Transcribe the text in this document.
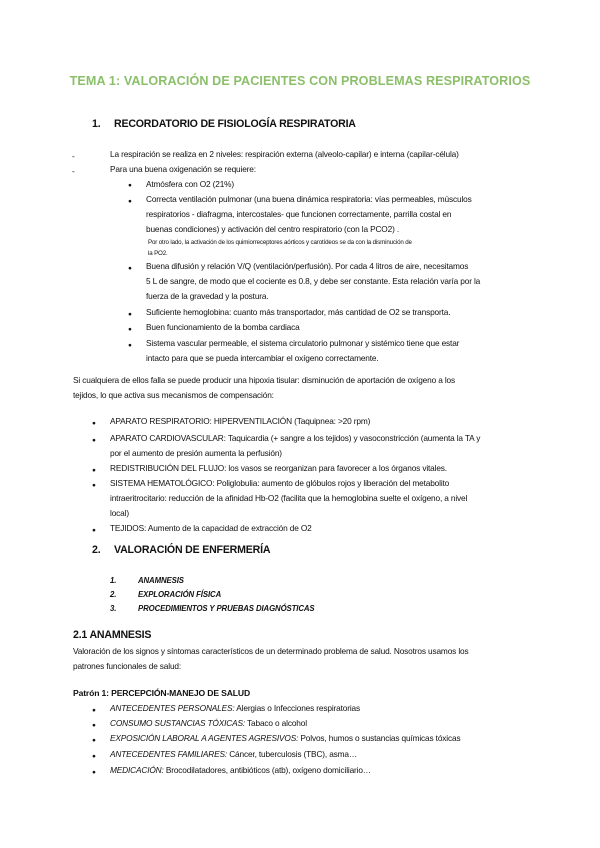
TEMA 1: VALORACIÓN DE PACIENTES CON PROBLEMAS RESPIRATORIOS
1. RECORDATORIO DE FISIOLOGÍA RESPIRATORIA
-	La respiración se realiza en 2 niveles: respiración externa (alveolo-capilar) e interna (capilar-célula)
-	Para una buena oxigenación se requiere:
● Atmósfera con O2 (21%)
● Correcta ventilación pulmonar (una buena dinámica respiratoria: vías permeables, músculos
respiratorios - diafragma, intercostales- que funcionen correctamente, parrilla costal en
buenas condiciones) y activación del centro respiratorio (con la PCO2) .
Por otro lado, la activación de los quimiorreceptores aórticos y carotídeos se da con la disminución de
la PO2.
● Buena difusión y relación V/Q (ventilación/perfusión). Por cada 4 litros de aire, necesitamos
5 L de sangre, de modo que el cociente es 0.8, y debe ser constante. Esta relación varía por la
fuerza de la gravedad y la postura.
● Suficiente hemoglobina: cuanto más transportador, más cantidad de O2 se transporta.
● Buen funcionamiento de la bomba cardiaca
● Sistema vascular permeable, el sistema circulatorio pulmonar y sistémico tiene que estar
intacto para que se pueda intercambiar el oxígeno correctamente.
Si cualquiera de ellos falla se puede producir una hipoxia tisular: disminución de aportación de oxígeno a los
tejidos, lo que activa sus mecanismos de compensación:
● APARATO RESPIRATORIO: HIPERVENTILACIÓN (Taquipnea: >20 rpm)
● APARATO CARDIOVASCULAR: Taquicardia (+ sangre a los tejidos) y vasoconstricción (aumenta la TA y
por el aumento de presión aumenta la perfusión)
● REDISTRIBUCIÓN DEL FLUJO: los vasos se reorganizan para favorecer a los órganos vitales.
● SISTEMA HEMATOLÓGICO: Poliglobulia: aumento de glóbulos rojos y liberación del metabolito
intraeritrocitario: reducción de la afinidad Hb-O2 (facilita que la hemoglobina suelte el oxígeno, a nivel
local)
● TEJIDOS: Aumento de la capacidad de extracción de O2
2. VALORACIÓN DE ENFERMERÍA
1.	ANAMNESIS
2.	EXPLORACIÓN FÍSICA
3.	PROCEDIMIENTOS Y PRUEBAS DIAGNÓSTICAS
2.1 ANAMNESIS
Valoración de los signos y síntomas característicos de un determinado problema de salud. Nosotros usamos los
patrones funcionales de salud:
Patrón 1: PERCEPCIÓN-MANEJO DE SALUD
● ANTECEDENTES PERSONALES: Alergias o Infecciones respiratorias
● CONSUMO SUSTANCIAS TÓXICAS: Tabaco o alcohol
● EXPOSICIÓN LABORAL A AGENTES AGRESIVOS: Polvos, humos o sustancias químicas tóxicas
● ANTECEDENTES FAMILIARES: Cáncer, tuberculosis (TBC), asma…
● MEDICACIÓN: Brocodilatadores, antibióticos (atb), oxígeno domiciliario…
